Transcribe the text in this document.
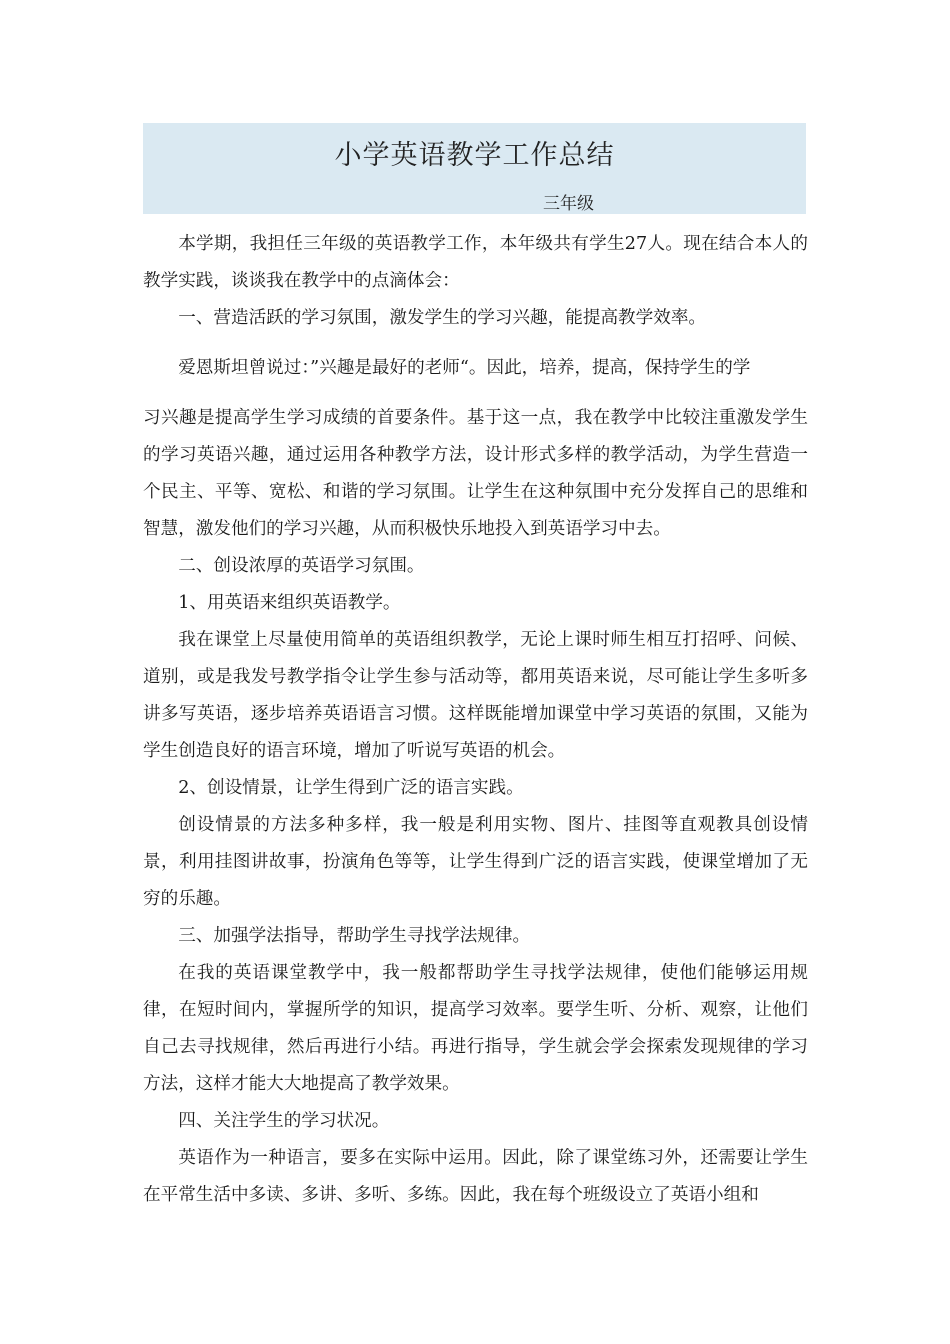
小学英语教学工作总结
三年级

本学期，我担任三年级的英语教学工作，本年级共有学生27人。现在结合本人的教学实践，谈谈我在教学中的点滴体会：

一、营造活跃的学习氛围，激发学生的学习兴趣，能提高教学效率。

爱恩斯坦曾说过：”兴趣是最好的老师“。因此，培养，提高，保持学生的学

习兴趣是提高学生学习成绩的首要条件。基于这一点，我在教学中比较注重激发学生的学习英语兴趣，通过运用各种教学方法，设计形式多样的教学活动，为学生营造一个民主、平等、宽松、和谐的学习氛围。让学生在这种氛围中充分发挥自己的思维和智慧，激发他们的学习兴趣，从而积极快乐地投入到英语学习中去。

二、创设浓厚的英语学习氛围。

1、用英语来组织英语教学。

我在课堂上尽量使用简单的英语组织教学，无论上课时师生相互打招呼、问候、道别，或是我发号教学指令让学生参与活动等，都用英语来说，尽可能让学生多听多讲多写英语，逐步培养英语语言习惯。这样既能增加课堂中学习英语的氛围，又能为学生创造良好的语言环境，增加了听说写英语的机会。

2、创设情景，让学生得到广泛的语言实践。

创设情景的方法多种多样，我一般是利用实物、图片、挂图等直观教具创设情景，利用挂图讲故事，扮演角色等等，让学生得到广泛的语言实践，使课堂增加了无穷的乐趣。

三、加强学法指导，帮助学生寻找学法规律。

在我的英语课堂教学中，我一般都帮助学生寻找学法规律，使他们能够运用规律，在短时间内，掌握所学的知识，提高学习效率。要学生听、分析、观察，让他们自己去寻找规律，然后再进行小结。再进行指导，学生就会学会探索发现规律的学习方法，这样才能大大地提高了教学效果。

四、关注学生的学习状况。

英语作为一种语言，要多在实际中运用。因此，除了课堂练习外，还需要让学生在平常生活中多读、多讲、多听、多练。因此，我在每个班级设立了英语小组和
